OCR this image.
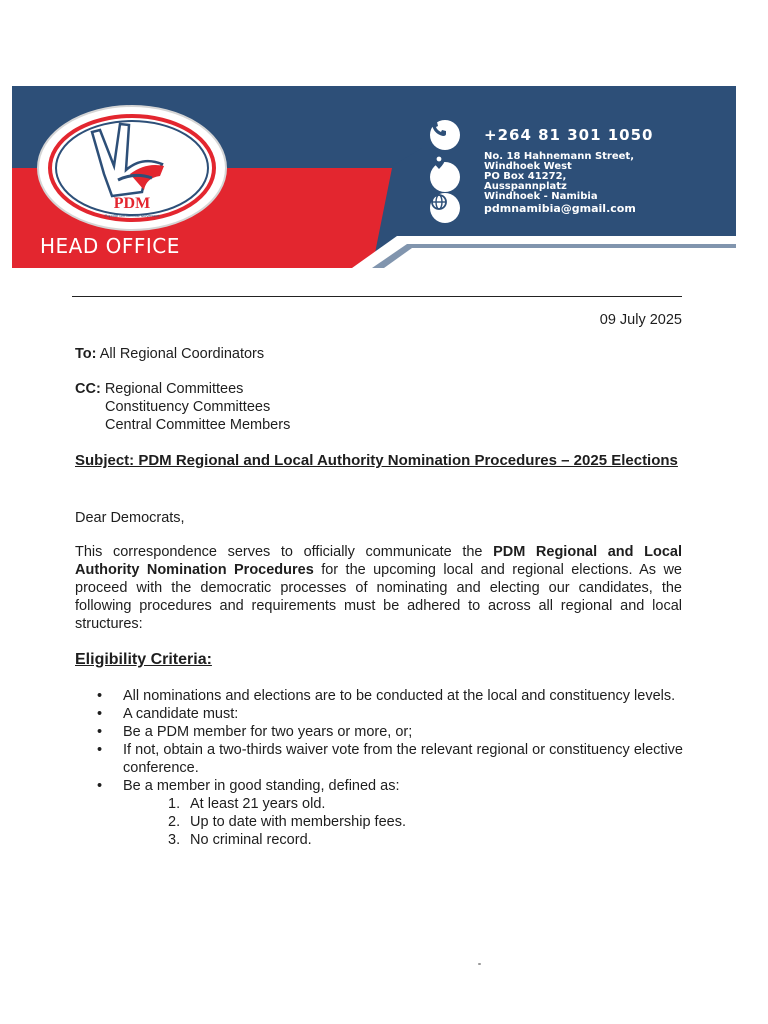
PDM
Popular Democratic Movement
HEAD OFFICE
+264 81 301 1050
No. 18 Hahnemann Street,
Windhoek West
PO Box 41272,
Ausspannplatz
Windhoek - Namibia
pdmnamibia@gmail.com
09 July 2025
To: All Regional Coordinators
CC: Regional Committees
Constituency Committees
Central Committee Members
Subject: PDM Regional and Local Authority Nomination Procedures – 2025 Elections
Dear Democrats,
This correspondence serves to officially communicate the PDM Regional and Local Authority Nomination Procedures for the upcoming local and regional elections. As we proceed with the democratic processes of nominating and electing our candidates, the following procedures and requirements must be adhered to across all regional and local structures:
Eligibility Criteria:
• All nominations and elections are to be conducted at the local and constituency levels.
• A candidate must:
• Be a PDM member for two years or more, or;
• If not, obtain a two-thirds waiver vote from the relevant regional or constituency elective conference.
• Be a member in good standing, defined as:
1. At least 21 years old.
2. Up to date with membership fees.
3. No criminal record.
